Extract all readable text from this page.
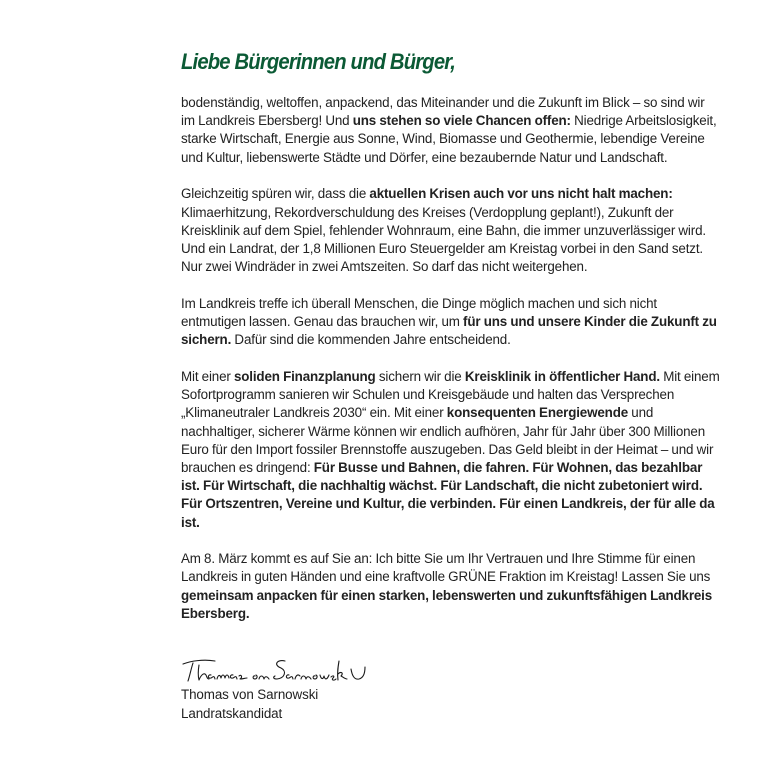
Liebe Bürgerinnen und Bürger,

bodenständig, weltoffen, anpackend, das Miteinander und die Zukunft im Blick – so sind wir im Landkreis Ebersberg! Und uns stehen so viele Chancen offen: Niedrige Arbeitslosigkeit, starke Wirtschaft, Energie aus Sonne, Wind, Biomasse und Geothermie, lebendige Vereine und Kultur, liebenswerte Städte und Dörfer, eine bezaubernde Natur und Landschaft.

Gleichzeitig spüren wir, dass die aktuellen Krisen auch vor uns nicht halt machen: Klimaerhitzung, Rekordverschuldung des Kreises (Verdopplung geplant!), Zukunft der Kreisklinik auf dem Spiel, fehlender Wohnraum, eine Bahn, die immer unzuverlässiger wird. Und ein Landrat, der 1,8 Millionen Euro Steuergelder am Kreistag vorbei in den Sand setzt. Nur zwei Windräder in zwei Amtszeiten. So darf das nicht weitergehen.

Im Landkreis treffe ich überall Menschen, die Dinge möglich machen und sich nicht entmutigen lassen. Genau das brauchen wir, um für uns und unsere Kinder die Zukunft zu sichern. Dafür sind die kommenden Jahre entscheidend.

Mit einer soliden Finanzplanung sichern wir die Kreisklinik in öffentlicher Hand. Mit einem Sofortprogramm sanieren wir Schulen und Kreisgebäude und halten das Versprechen „Klimaneutraler Landkreis 2030“ ein. Mit einer konsequenten Energiewende und nachhaltiger, sicherer Wärme können wir endlich aufhören, Jahr für Jahr über 300 Millionen Euro für den Import fossiler Brennstoffe auszugeben. Das Geld bleibt in der Heimat – und wir brauchen es dringend: Für Busse und Bahnen, die fahren. Für Wohnen, das bezahlbar ist. Für Wirtschaft, die nachhaltig wächst. Für Landschaft, die nicht zubetoniert wird. Für Ortszentren, Vereine und Kultur, die verbinden. Für einen Landkreis, der für alle da ist.

Am 8. März kommt es auf Sie an: Ich bitte Sie um Ihr Vertrauen und Ihre Stimme für einen Landkreis in guten Händen und eine kraftvolle GRÜNE Fraktion im Kreistag! Lassen Sie uns gemeinsam anpacken für einen starken, lebenswerten und zukunftsfähigen Landkreis Ebersberg.

Thomas von Sarnowski
Landratskandidat
